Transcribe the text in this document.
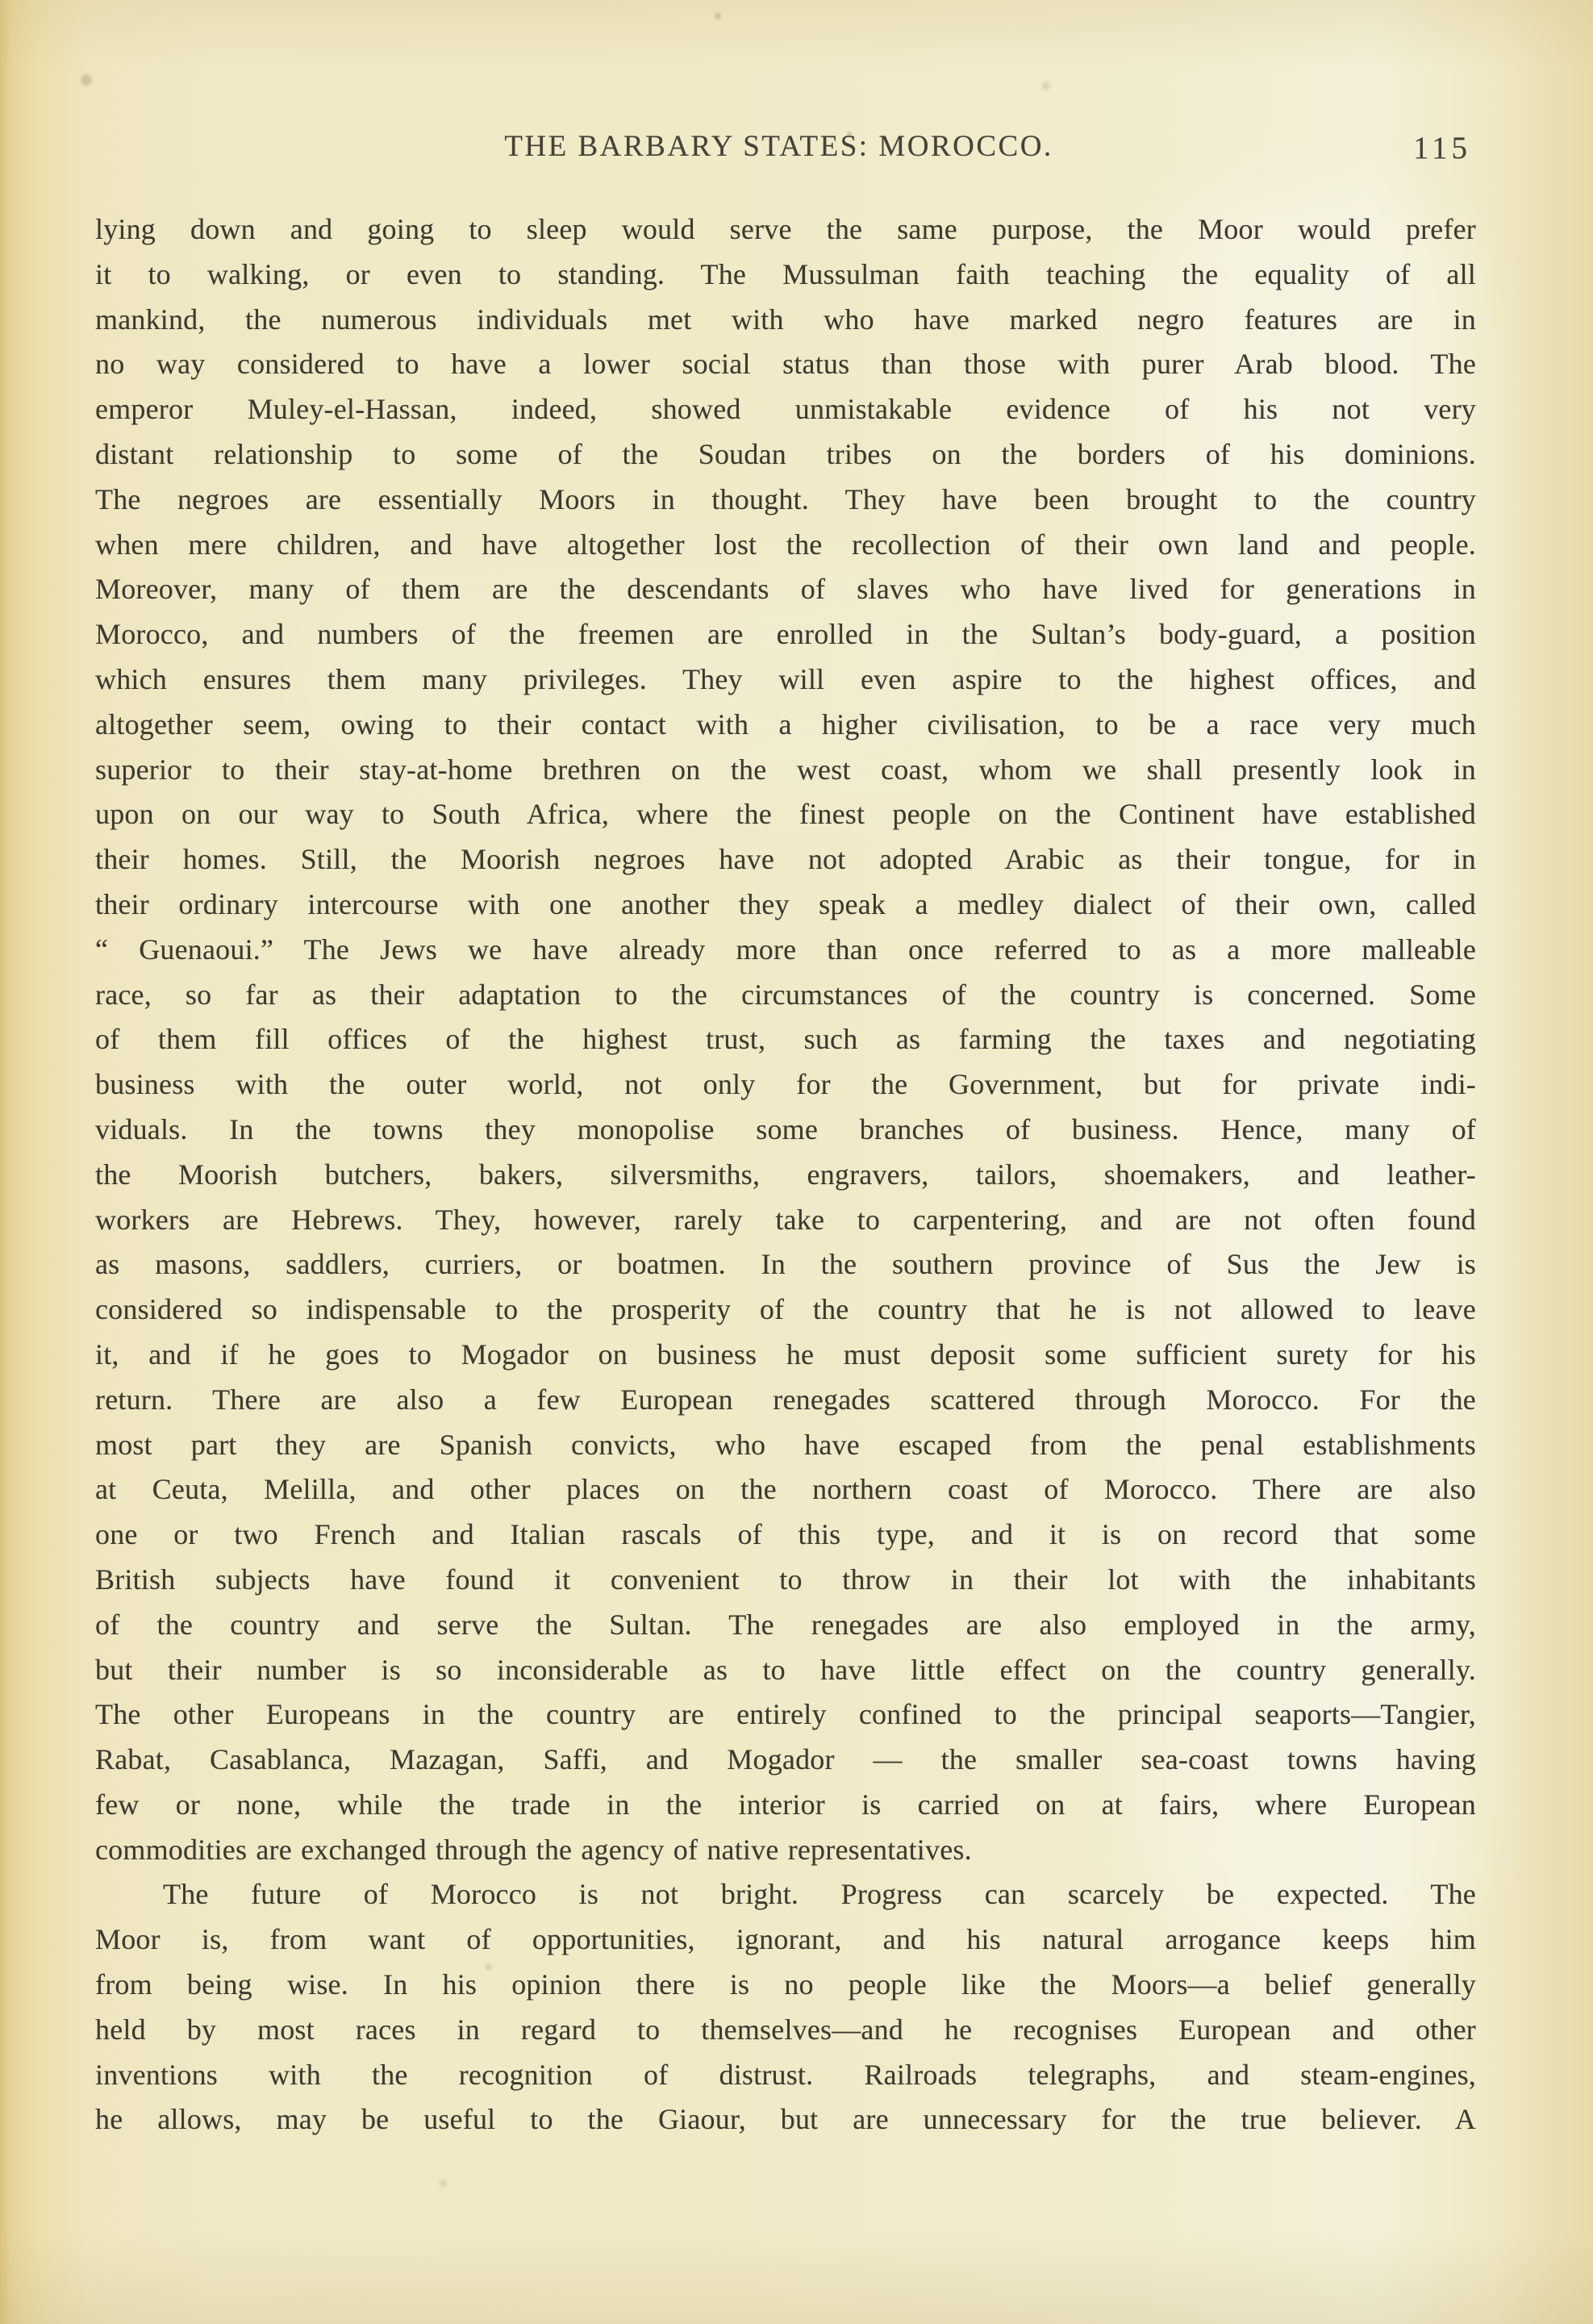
THE BARBARY STATES: MOROCCO.	115
lying down and going to sleep would serve the same purpose, the Moor would prefer
it to walking, or even to standing. The Mussulman faith teaching the equality of all
mankind, the numerous individuals met with who have marked negro features are in
no way considered to have a lower social status than those with purer Arab blood. The
emperor Muley-el-Hassan, indeed, showed unmistakable evidence of his not very
distant relationship to some of the Soudan tribes on the borders of his dominions.
The negroes are essentially Moors in thought. They have been brought to the country
when mere children, and have altogether lost the recollection of their own land and people.
Moreover, many of them are the descendants of slaves who have lived for generations in
Morocco, and numbers of the freemen are enrolled in the Sultan’s body-guard, a position
which ensures them many privileges. They will even aspire to the highest offices, and
altogether seem, owing to their contact with a higher civilisation, to be a race very much
superior to their stay-at-home brethren on the west coast, whom we shall presently look in
upon on our way to South Africa, where the finest people on the Continent have established
their homes. Still, the Moorish negroes have not adopted Arabic as their tongue, for in
their ordinary intercourse with one another they speak a medley dialect of their own, called
“ Guenaoui.” The Jews we have already more than once referred to as a more malleable
race, so far as their adaptation to the circumstances of the country is concerned. Some
of them fill offices of the highest trust, such as farming the taxes and negotiating
business with the outer world, not only for the Government, but for private indi-
viduals. In the towns they monopolise some branches of business. Hence, many of
the Moorish butchers, bakers, silversmiths, engravers, tailors, shoemakers, and leather-
workers are Hebrews. They, however, rarely take to carpentering, and are not often found
as masons, saddlers, curriers, or boatmen. In the southern province of Sus the Jew is
considered so indispensable to the prosperity of the country that he is not allowed to leave
it, and if he goes to Mogador on business he must deposit some sufficient surety for his
return. There are also a few European renegades scattered through Morocco. For the
most part they are Spanish convicts, who have escaped from the penal establishments
at Ceuta, Melilla, and other places on the northern coast of Morocco. There are also
one or two French and Italian rascals of this type, and it is on record that some
British subjects have found it convenient to throw in their lot with the inhabitants
of the country and serve the Sultan. The renegades are also employed in the army,
but their number is so inconsiderable as to have little effect on the country generally.
The other Europeans in the country are entirely confined to the principal seaports—Tangier,
Rabat, Casablanca, Mazagan, Saffi, and Mogador — the smaller sea-coast towns having
few or none, while the trade in the interior is carried on at fairs, where European
commodities are exchanged through the agency of native representatives.
The future of Morocco is not bright. Progress can scarcely be expected. The
Moor is, from want of opportunities, ignorant, and his natural arrogance keeps him
from being wise. In his opinion there is no people like the Moors—a belief generally
held by most races in regard to themselves—and he recognises European and other
inventions with the recognition of distrust. Railroads telegraphs, and steam-engines,
he allows, may be useful to the Giaour, but are unnecessary for the true believer. A
